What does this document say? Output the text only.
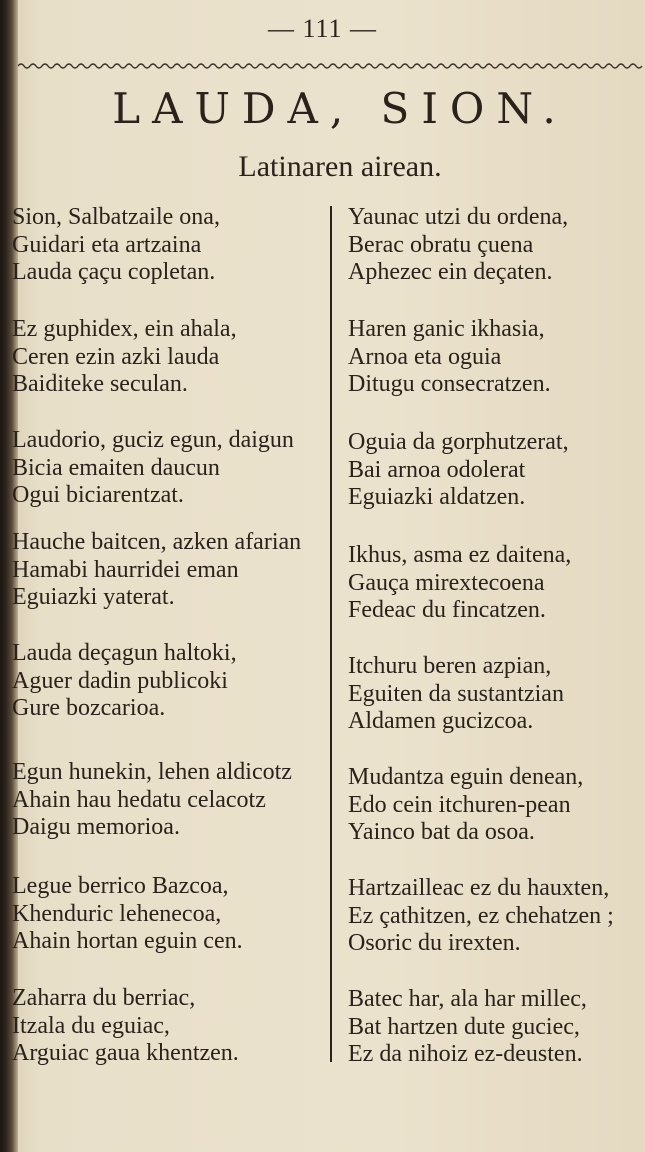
— 111 —
LAUDA, SION.
Latinaren airean.
Sion, Salbatzaile ona,
Guidari eta artzaina
Lauda çaçu copletan.
Ez guphidex, ein ahala,
Ceren ezin azki lauda
Baiditeke seculan.
Laudorio, guciz egun, daigun
Bicia emaiten daucun
Ogui biciarentzat.
Hauche baitcen, azken afarian
Hamabi haurridei eman
Eguiazki yaterat.
Lauda deçagun haltoki,
Aguer dadin publicoki
Gure bozcarioa.
Egun hunekin, lehen aldicotz
Ahain hau hedatu celacotz
Daigu memorioa.
Legue berrico Bazcoa,
Khenduric lehenecoa,
Ahain hortan eguin cen.
Zaharra du berriac,
Itzala du eguiac,
Arguiac gaua khentzen.
Yaunac utzi du ordena,
Berac obratu çuena
Aphezec ein deçaten.
Haren ganic ikhasia,
Arnoa eta oguia
Ditugu consecratzen.
Oguia da gorphutzerat,
Bai arnoa odolerat
Eguiazki aldatzen.
Ikhus, asma ez daitena,
Gauça mirextecoena
Fedeac du fincatzen.
Itchuru beren azpian,
Eguiten da sustantzian
Aldamen gucizcoa.
Mudantza eguin denean,
Edo cein itchuren-pean
Yainco bat da osoa.
Hartzailleac ez du hauxten,
Ez çathitzen, ez chehatzen ;
Osoric du irexten.
Batec har, ala har millec,
Bat hartzen dute guciec,
Ez da nihoiz ez-deusten.
